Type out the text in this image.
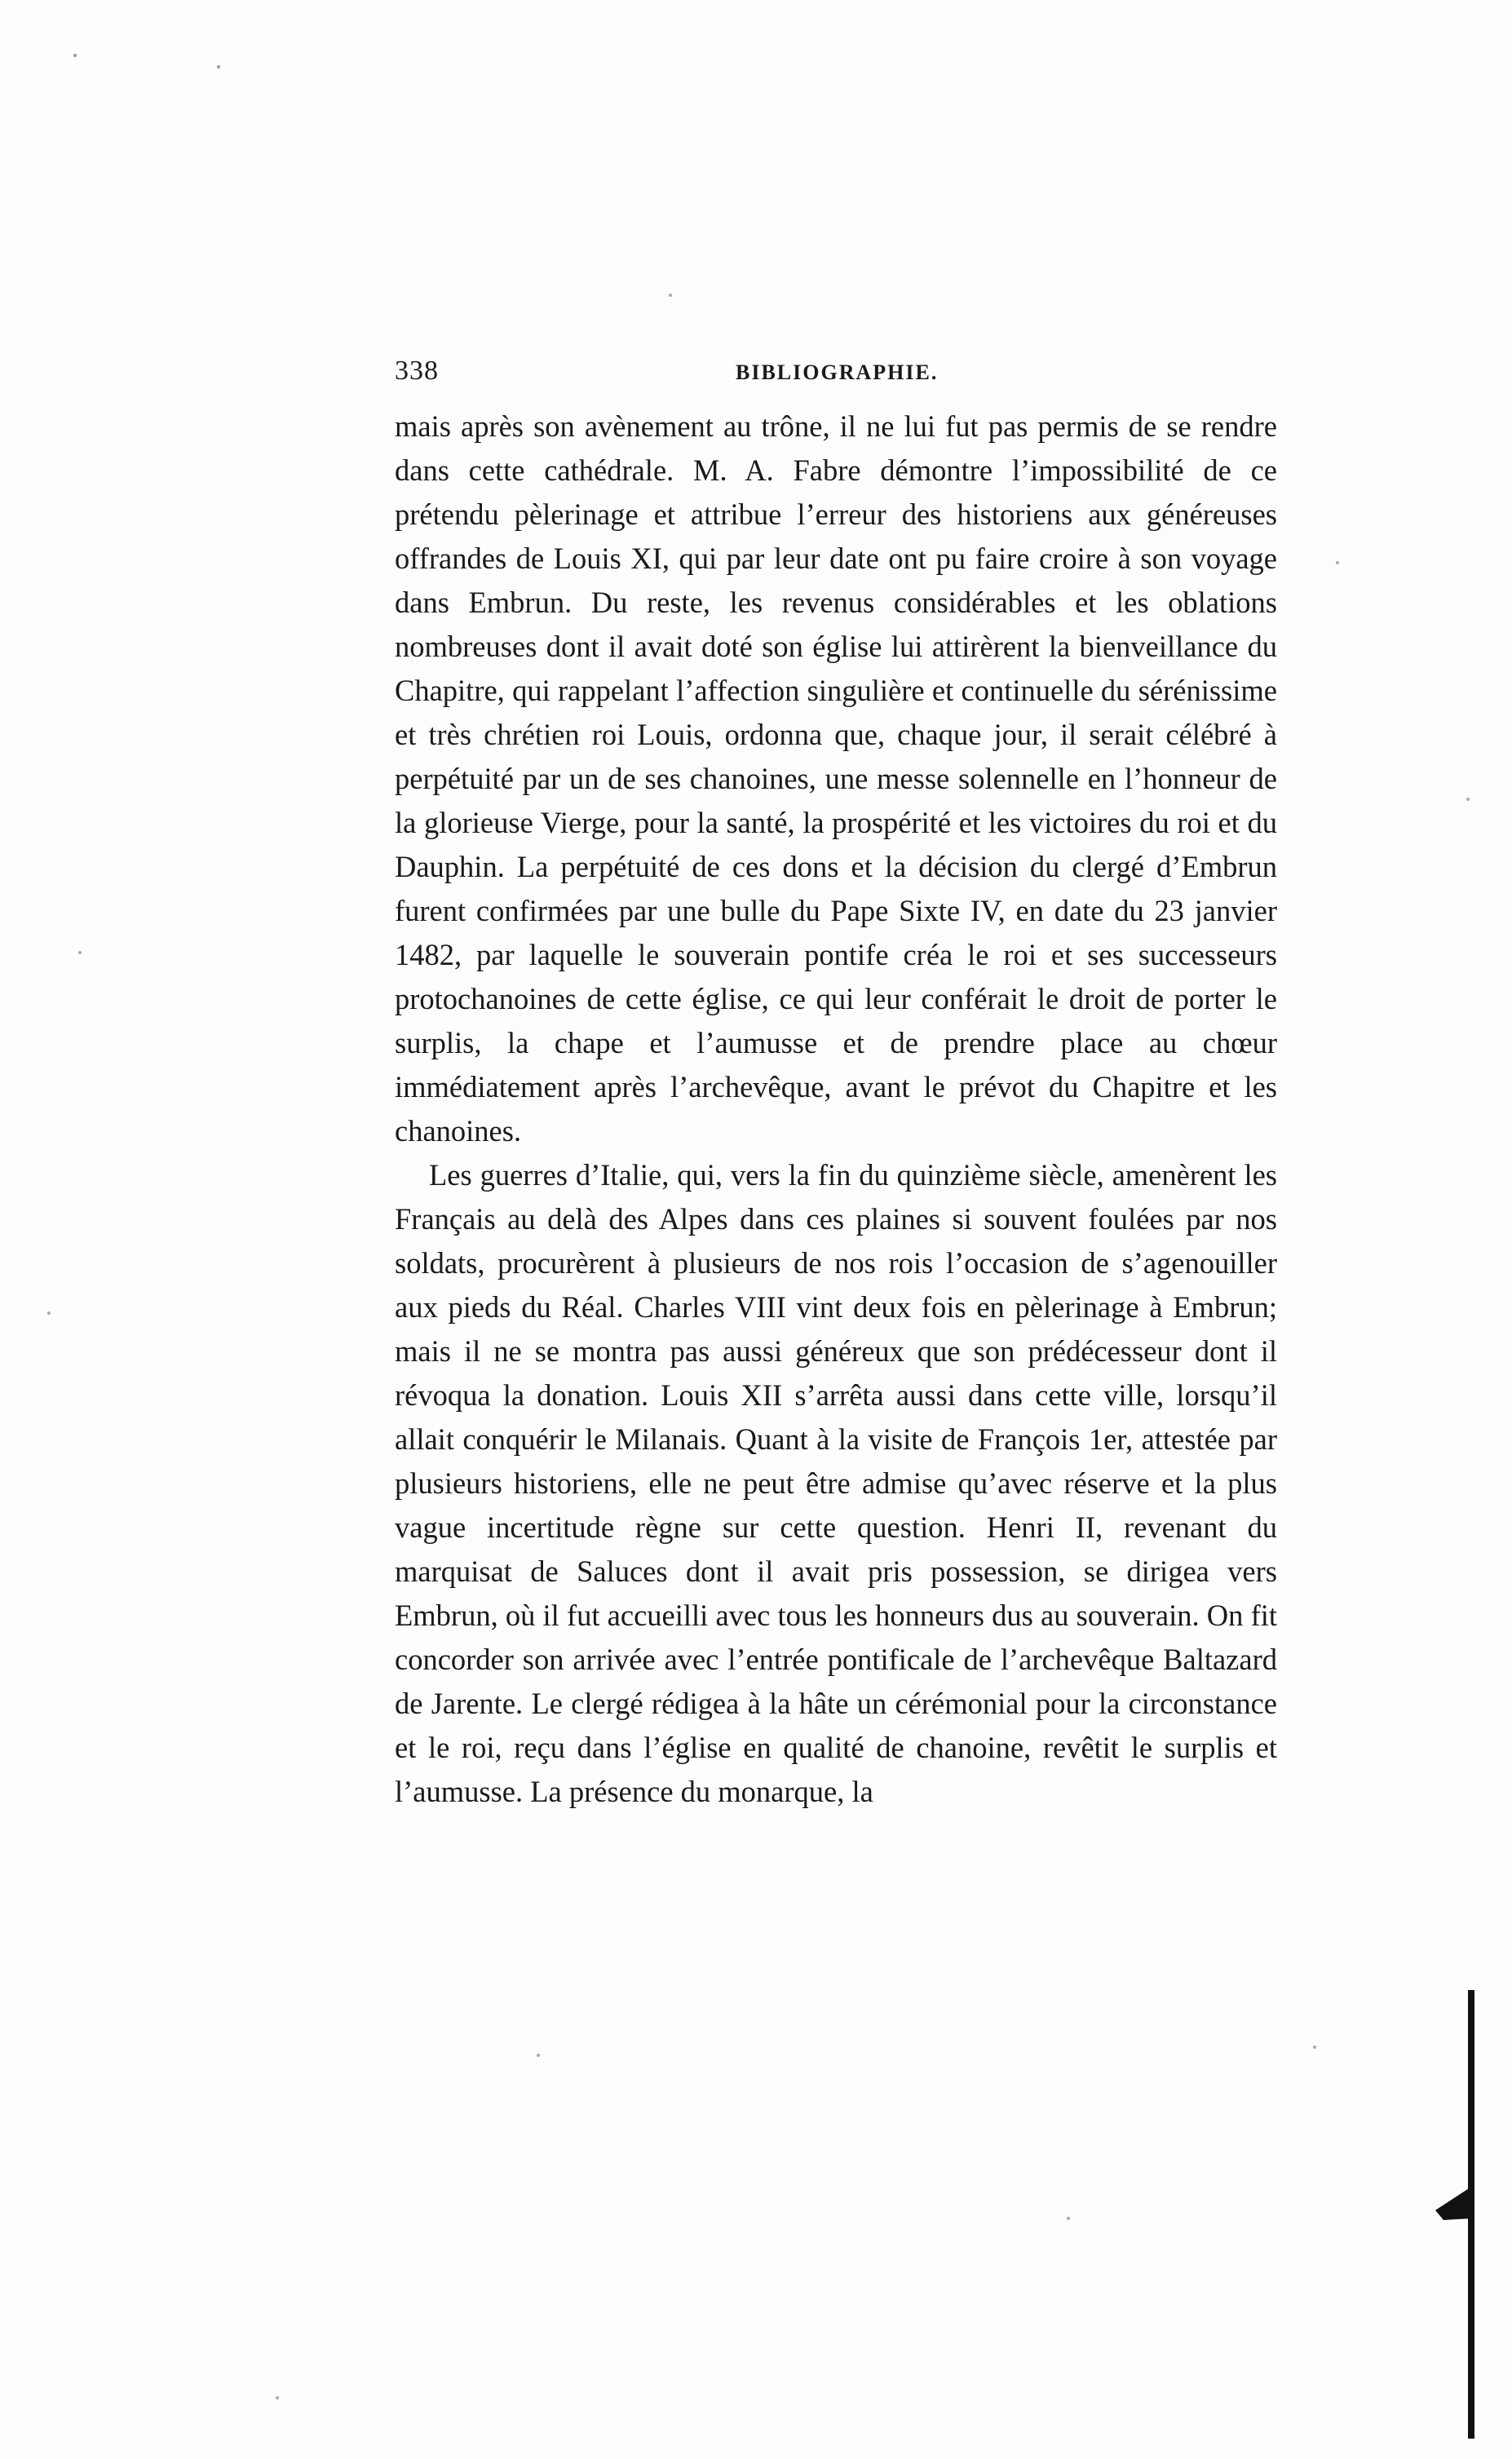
338	BIBLIOGRAPHIE.

mais après son avènement au trône, il ne lui fut pas permis de se rendre dans cette cathédrale. M. A. Fabre démontre l’impossibilité de ce prétendu pèlerinage et attribue l’erreur des historiens aux généreuses offrandes de Louis XI, qui par leur date ont pu faire croire à son voyage dans Embrun. Du reste, les revenus considérables et les oblations nombreuses dont il avait doté son église lui attirèrent la bienveillance du Chapitre, qui rappelant l’affection singulière et continuelle du sérénissime et très chrétien roi Louis, ordonna que, chaque jour, il serait célébré à perpétuité par un de ses chanoines, une messe solennelle en l’honneur de la glorieuse Vierge, pour la santé, la prospérité et les victoires du roi et du Dauphin. La perpétuité de ces dons et la décision du clergé d’Embrun furent confirmées par une bulle du Pape Sixte IV, en date du 23 janvier 1482, par laquelle le souverain pontife créa le roi et ses successeurs protochanoines de cette église, ce qui leur conférait le droit de porter le surplis, la chape et l’aumusse et de prendre place au chœur immédiatement après l’archevêque, avant le prévot du Chapitre et les chanoines.

Les guerres d’Italie, qui, vers la fin du quinzième siècle, amenèrent les Français au delà des Alpes dans ces plaines si souvent foulées par nos soldats, procurèrent à plusieurs de nos rois l’occasion de s’agenouiller aux pieds du Réal. Charles VIII vint deux fois en pèlerinage à Embrun; mais il ne se montra pas aussi généreux que son prédécesseur dont il révoqua la donation. Louis XII s’arrêta aussi dans cette ville, lorsqu’il allait conquérir le Milanais. Quant à la visite de François 1er, attestée par plusieurs historiens, elle ne peut être admise qu’avec réserve et la plus vague incertitude règne sur cette question. Henri II, revenant du marquisat de Saluces dont il avait pris possession, se dirigea vers Embrun, où il fut accueilli avec tous les honneurs dus au souverain. On fit concorder son arrivée avec l’entrée pontificale de l’archevêque Baltazard de Jarente. Le clergé rédigea à la hâte un cérémonial pour la circonstance et le roi, reçu dans l’église en qualité de chanoine, revêtit le surplis et l’aumusse. La présence du monarque, la
